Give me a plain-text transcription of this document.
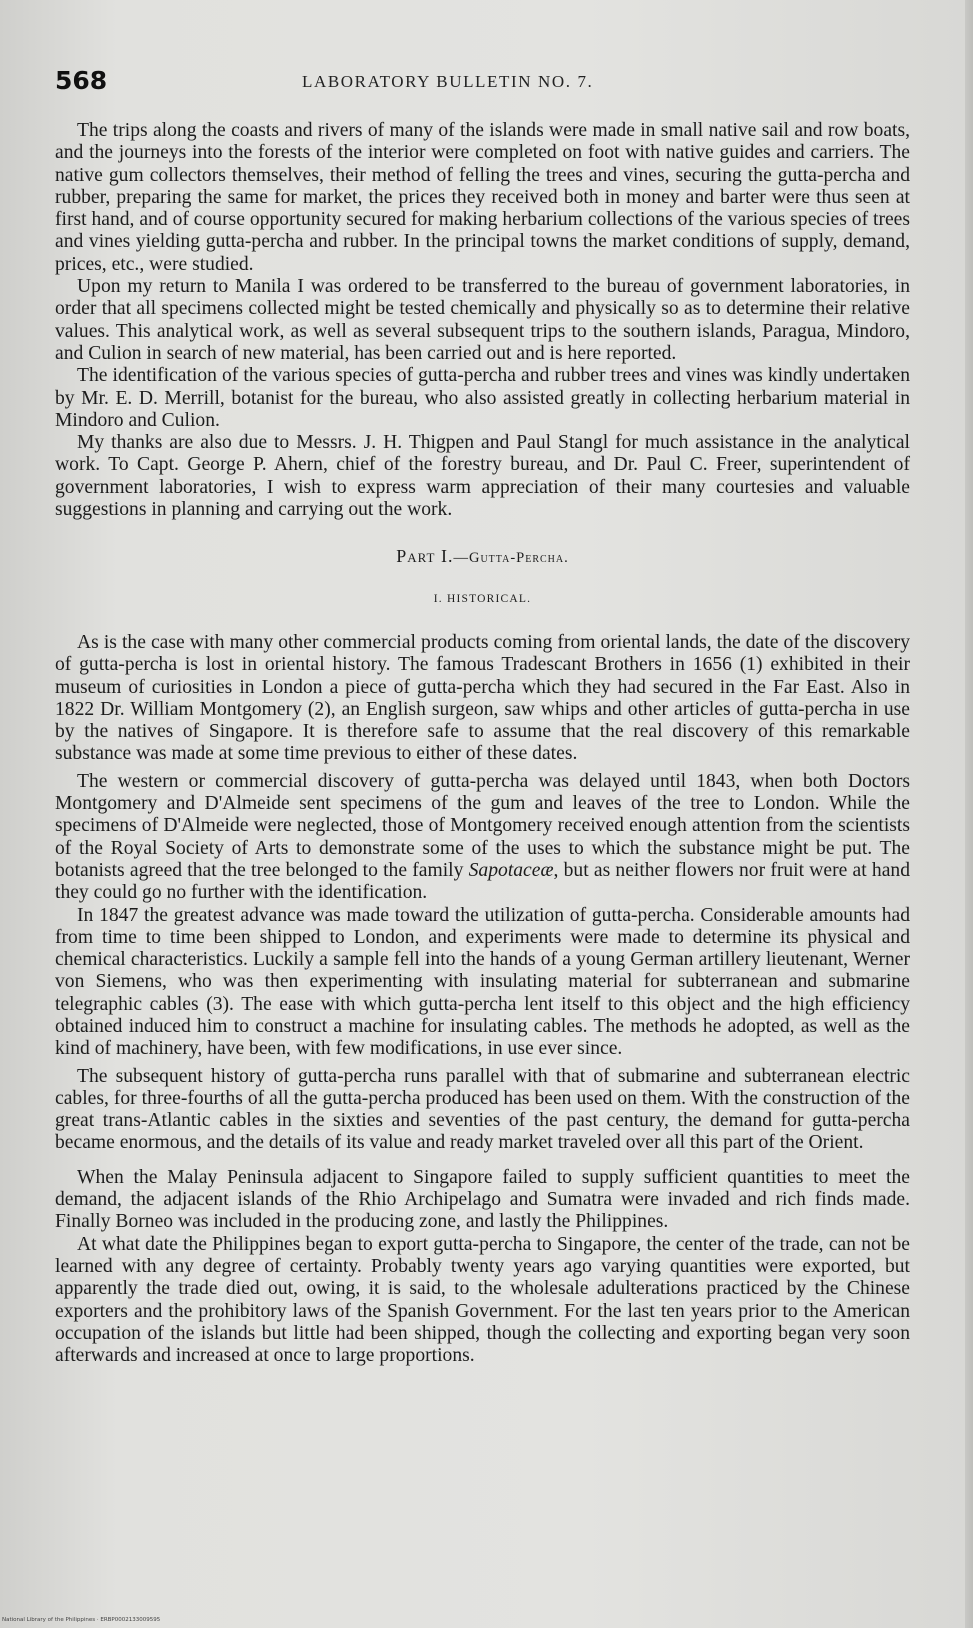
568	LABORATORY BULLETIN NO. 7.

The trips along the coasts and rivers of many of the islands were made in small native sail and row boats, and the journeys into the forests of the interior were completed on foot with native guides and carriers. The native gum collectors themselves, their method of felling the trees and vines, securing the gutta-percha and rubber, preparing the same for market, the prices they received both in money and barter were thus seen at first hand, and of course opportunity secured for making herbarium collections of the various species of trees and vines yielding gutta-percha and rubber. In the principal towns the market conditions of supply, demand, prices, etc., were studied.

Upon my return to Manila I was ordered to be transferred to the bureau of government laboratories, in order that all specimens collected might be tested chemically and physically so as to determine their relative values. This analytical work, as well as several subsequent trips to the southern islands, Paragua, Mindoro, and Culion in search of new material, has been carried out and is here reported.

The identification of the various species of gutta-percha and rubber trees and vines was kindly undertaken by Mr. E. D. Merrill, botanist for the bureau, who also assisted greatly in collecting herbarium material in Mindoro and Culion.

My thanks are also due to Messrs. J. H. Thigpen and Paul Stangl for much assistance in the analytical work. To Capt. George P. Ahern, chief of the forestry bureau, and Dr. Paul C. Freer, superintendent of government laboratories, I wish to express warm appreciation of their many courtesies and valuable suggestions in planning and carrying out the work.

Part I.—Gutta-Percha.
I. HISTORICAL.

As is the case with many other commercial products coming from oriental lands, the date of the discovery of gutta-percha is lost in oriental history. The famous Tradescant Brothers in 1656 (1) exhibited in their museum of curiosities in London a piece of gutta-percha which they had secured in the Far East. Also in 1822 Dr. William Montgomery (2), an English surgeon, saw whips and other articles of gutta-percha in use by the natives of Singapore. It is therefore safe to assume that the real discovery of this remarkable substance was made at some time previous to either of these dates.

The western or commercial discovery of gutta-percha was delayed until 1843, when both Doctors Montgomery and D'Almeide sent specimens of the gum and leaves of the tree to London. While the specimens of D'Almeide were neglected, those of Montgomery received enough attention from the scientists of the Royal Society of Arts to demonstrate some of the uses to which the substance might be put. The botanists agreed that the tree belonged to the family Sapotaceæ, but as neither flowers nor fruit were at hand they could go no further with the identification.

In 1847 the greatest advance was made toward the utilization of gutta-percha. Considerable amounts had from time to time been shipped to London, and experiments were made to determine its physical and chemical characteristics. Luckily a sample fell into the hands of a young German artillery lieutenant, Werner von Siemens, who was then experimenting with insulating material for subterranean and submarine telegraphic cables (3). The ease with which gutta-percha lent itself to this object and the high efficiency obtained induced him to construct a machine for insulating cables. The methods he adopted, as well as the kind of machinery, have been, with few modifications, in use ever since.

The subsequent history of gutta-percha runs parallel with that of submarine and subterranean electric cables, for three-fourths of all the gutta-percha produced has been used on them. With the construction of the great trans-Atlantic cables in the sixties and seventies of the past century, the demand for gutta-percha became enormous, and the details of its value and ready market traveled over all this part of the Orient.

When the Malay Peninsula adjacent to Singapore failed to supply sufficient quantities to meet the demand, the adjacent islands of the Rhio Archipelago and Sumatra were invaded and rich finds made. Finally Borneo was included in the producing zone, and lastly the Philippines.

At what date the Philippines began to export gutta-percha to Singapore, the center of the trade, can not be learned with any degree of certainty. Probably twenty years ago varying quantities were exported, but apparently the trade died out, owing, it is said, to the wholesale adulterations practiced by the Chinese exporters and the prohibitory laws of the Spanish Government. For the last ten years prior to the American occupation of the islands but little had been shipped, though the collecting and exporting began very soon afterwards and increased at once to large proportions.

National Library of the Philippines · ERBP0002133009595
